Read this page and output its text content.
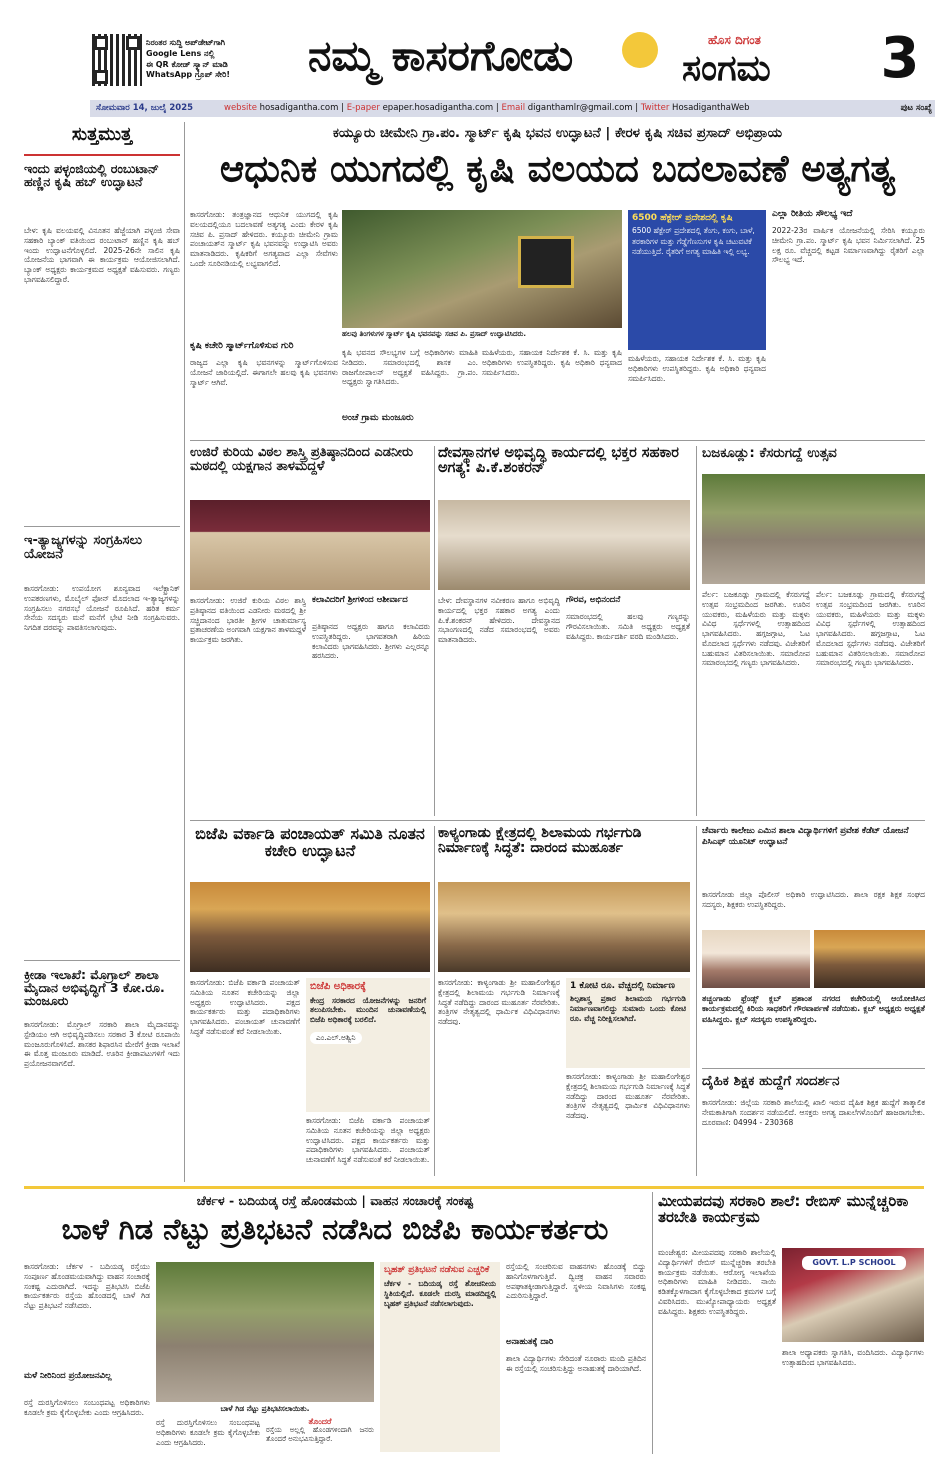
ನಿರಂತರ ಸುದ್ದಿ ಅಪ್‌ಡೇಟ್‌ಗಾಗಿ
Google Lens ನಲ್ಲಿ
ಈ QR ಕೋಡ್ ಸ್ಕ್ಯಾನ್ ಮಾಡಿ
WhatsApp ಗ್ರೂಪ್ ಸೇರಿ!	ನಮ್ಮ ಕಾಸರಗೋಡು	ಹೊಸ ದಿಗಂತ
ಸಂಗಮ	3
ಸೋಮವಾರ 14, ಜುಲೈ 2025	website hosadigantha.com | E-paper epaper.hosadigantha.com | Email diganthamlr@gmail.com | Twitter HosadiganthaWeb	ಪುಟ ಸಂಖ್ಯೆ
ಸುತ್ತಮುತ್ತ
ಇಂದು ಪಳ್ಳಂಜಿಯಲ್ಲಿ ರಂಬುಟಾನ್ ಹಣ್ಣಿನ ಕೃಷಿ ಹಬ್ ಉದ್ಘಾಟನೆ
ಬೇಳ: ಕೃಷಿ ವಲಯವಲ್ಲಿ ವಿನೂತನ ಹೆಜ್ಜೆಯಾಗಿ ಪಳ್ಳಂಜಿ ಸೇವಾ ಸಹಕಾರಿ ಬ್ಯಾಂಕ್ ವತಿಯಿಂದ ರಂಬುಟಾನ್ ಹಣ್ಣಿನ ಕೃಷಿ ಹಬ್ ಇಂದು ಉದ್ಘಾಟನೆಗೊಳ್ಳಲಿದೆ. 2025-26ನೇ ಸಾಲಿನ ಕೃಷಿ ಯೋಜನೆಯ ಭಾಗವಾಗಿ ಈ ಕಾರ್ಯಕ್ರಮ ಆಯೋಜಿಸಲಾಗಿದೆ. ಬ್ಯಾಂಕ್ ಅಧ್ಯಕ್ಷರು ಕಾರ್ಯಕ್ರಮದ ಅಧ್ಯಕ್ಷತೆ ವಹಿಸುವರು. ಗಣ್ಯರು ಭಾಗವಹಿಸಲಿದ್ದಾರೆ.
ಇ-ತ್ಯಾಜ್ಯಗಳನ್ನು ಸಂಗ್ರಹಿಸಲು ಯೋಜನೆ
ಕಾಸರಗೋಡು: ಉಪಯೋಗ ಶೂನ್ಯವಾದ ಇಲೆಕ್ಟ್ರಾನಿಕ್ ಉಪಕರಣಗಳು, ಮೊಬೈಲ್ ಫೋನ್ ಮೊದಲಾದ ಇ-ತ್ಯಾಜ್ಯಗಳನ್ನು ಸಂಗ್ರಹಿಸಲು ನಗರಸಭೆ ಯೋಜನೆ ರೂಪಿಸಿದೆ. ಹರಿತ ಕರ್ಮ ಸೇನೆಯ ಸದಸ್ಯರು ಮನೆ ಮನೆಗೆ ಭೇಟಿ ನೀಡಿ ಸಂಗ್ರಹಿಸುವರು. ನಿಗದಿತ ದರವನ್ನು ಪಾವತಿಸಲಾಗುವುದು.
ಕ್ರೀಡಾ ಇಲಾಖೆ: ಮೊಗ್ರಾಲ್ ಶಾಲಾ ಮೈದಾನ ಅಭಿವೃದ್ಧಿಗೆ 3 ಕೋ.ರೂ. ಮಂಜೂರು
ಕಾಸರಗೋಡು: ಮೊಗ್ರಾಲ್ ಸರಕಾರಿ ಶಾಲಾ ಮೈದಾನವನ್ನು ಸ್ಟೇಡಿಯಂ ಆಗಿ ಅಭಿವೃದ್ಧಿಪಡಿಸಲು ಸರಕಾರ 3 ಕೋಟಿ ರೂಪಾಯಿ ಮಂಜೂರುಗೊಳಿಸಿದೆ. ಶಾಸಕರ ಶಿಫಾರಸಿನ ಮೇರೆಗೆ ಕ್ರೀಡಾ ಇಲಾಖೆ ಈ ಮೊತ್ತ ಮಂಜೂರು ಮಾಡಿದೆ. ಊರಿನ ಕ್ರೀಡಾಪಟುಗಳಿಗೆ ಇದು ಪ್ರಯೋಜನವಾಗಲಿದೆ.
ಕಯ್ಯೂರು ಚೀಮೇನಿ ಗ್ರಾ.ಪಂ. ಸ್ಮಾರ್ಟ್ ಕೃಷಿ ಭವನ ಉದ್ಘಾಟನೆ | ಕೇರಳ ಕೃಷಿ ಸಚಿವ ಪ್ರಸಾದ್ ಅಭಿಪ್ರಾಯ
ಆಧುನಿಕ ಯುಗದಲ್ಲಿ ಕೃಷಿ ವಲಯದ ಬದಲಾವಣೆ ಅತ್ಯಗತ್ಯ
ಕಾಸರಗೋಡು: ತಂತ್ರಜ್ಞಾನದ ಆಧುನಿಕ ಯುಗದಲ್ಲಿ ಕೃಷಿ ವಲಯದಲ್ಲಿಯೂ ಬದಲಾವಣೆ ಅತ್ಯಗತ್ಯ ಎಂದು ಕೇರಳ ಕೃಷಿ ಸಚಿವ ಪಿ. ಪ್ರಸಾದ್ ಹೇಳಿದರು. ಕಯ್ಯೂರು ಚೀಮೇನಿ ಗ್ರಾಮ ಪಂಚಾಯತ್‌ನ ಸ್ಮಾರ್ಟ್ ಕೃಷಿ ಭವನವನ್ನು ಉದ್ಘಾಟಿಸಿ ಅವರು ಮಾತನಾಡಿದರು. ಕೃಷಿಕರಿಗೆ ಅಗತ್ಯವಾದ ಎಲ್ಲಾ ಸೇವೆಗಳು ಒಂದೇ ಸೂರಿನಡಿಯಲ್ಲಿ ಲಭ್ಯವಾಗಲಿದೆ.
ಕೃಷಿ ಕಚೇರಿ ಸ್ಮಾರ್ಟ್‌ಗೊಳಿಸುವ ಗುರಿ
ರಾಜ್ಯದ ಎಲ್ಲಾ ಕೃಷಿ ಭವನಗಳನ್ನು ಸ್ಮಾರ್ಟ್‌ಗೊಳಿಸುವ ಯೋಜನೆ ಜಾರಿಯಲ್ಲಿದೆ. ಈಗಾಗಲೇ ಹಲವು ಕೃಷಿ ಭವನಗಳು ಸ್ಮಾರ್ಟ್ ಆಗಿವೆ.
ಹಲವು ತಿಂಗಳುಗಳ ಸ್ಮಾರ್ಟ್ ಕೃಷಿ ಭವನವನ್ನು ಸಚಿವ ಪಿ. ಪ್ರಸಾದ್ ಉದ್ಘಾಟಿಸಿದರು.
ಕೃಷಿ ಭವನದ ಸೌಲಭ್ಯಗಳ ಬಗ್ಗೆ ಅಧಿಕಾರಿಗಳು ಮಾಹಿತಿ ನೀಡಿದರು. ಸಮಾರಂಭದಲ್ಲಿ ಶಾಸಕ ಎಂ. ರಾಜಗೋಪಾಲನ್ ಅಧ್ಯಕ್ಷತೆ ವಹಿಸಿದ್ದರು. ಗ್ರಾ.ಪಂ. ಅಧ್ಯಕ್ಷರು ಸ್ವಾಗತಿಸಿದರು.
ಅಂಚೆ ಗ್ರಾಮ ಮಂಜೂರು
ಮಹಿಳೆಯರು, ಸಹಾಯಕ ನಿರ್ದೇಶಕ ಕೆ. ಸಿ. ಮತ್ತು ಕೃಷಿ ಅಧಿಕಾರಿಗಳು ಉಪಸ್ಥಿತರಿದ್ದರು. ಕೃಷಿ ಅಧಿಕಾರಿ ಧನ್ಯವಾದ ಸಮರ್ಪಿಸಿದರು.
6500 ಹೆಕ್ಟೇರ್ ಪ್ರದೇಶದಲ್ಲಿ ಕೃಷಿ
6500 ಹೆಕ್ಟೇರ್ ಪ್ರದೇಶದಲ್ಲಿ ತೆಂಗು, ಕಂಗು, ಬಾಳೆ, ತರಕಾರಿಗಳ ಮತ್ತು ಗೆಡ್ಡೆಗೆಣಸುಗಳ ಕೃಷಿ ಚಟುವಟಿಕೆ ನಡೆಯುತ್ತಿದೆ. ರೈತರಿಗೆ ಅಗತ್ಯ ಮಾಹಿತಿ ಇಲ್ಲಿ ಲಭ್ಯ.
ಮಹಿಳೆಯರು, ಸಹಾಯಕ ನಿರ್ದೇಶಕ ಕೆ. ಸಿ. ಮತ್ತು ಕೃಷಿ ಅಧಿಕಾರಿಗಳು ಉಪಸ್ಥಿತರಿದ್ದರು. ಕೃಷಿ ಅಧಿಕಾರಿ ಧನ್ಯವಾದ ಸಮರ್ಪಿಸಿದರು.
ಎಲ್ಲಾ ರೀತಿಯ ಸೌಲಭ್ಯ ಇದೆ
2022-23ರ ವಾರ್ಷಿಕ ಯೋಜನೆಯಲ್ಲಿ ಸೇರಿಸಿ ಕಯ್ಯೂರು ಚೀಮೇನಿ ಗ್ರಾ.ಪಂ. ಸ್ಮಾರ್ಟ್ ಕೃಷಿ ಭವನ ನಿರ್ಮಿಸಲಾಗಿದೆ. 25 ಲಕ್ಷ ರೂ. ವೆಚ್ಚದಲ್ಲಿ ಕಟ್ಟಡ ನಿರ್ಮಾಣವಾಗಿದ್ದು ರೈತರಿಗೆ ಎಲ್ಲಾ ಸೌಲಭ್ಯ ಇದೆ.
ಉಜಿರೆ ಕುರಿಯ ವಿಠಲ ಶಾಸ್ತ್ರಿ ಪ್ರತಿಷ್ಠಾನದಿಂದ ಎಡನೀರು ಮಠದಲ್ಲಿ ಯಕ್ಷಗಾನ ತಾಳಮದ್ದಳೆ
ಕಾಸರಗೋಡು: ಉಜಿರೆ ಕುರಿಯ ವಿಠಲ ಶಾಸ್ತ್ರಿ ಪ್ರತಿಷ್ಠಾನದ ವತಿಯಿಂದ ಎಡನೀರು ಮಠದಲ್ಲಿ ಶ್ರೀ ಸಚ್ಚಿದಾನಂದ ಭಾರತೀ ಶ್ರೀಗಳ ಚಾತುರ್ಮಾಸ್ಯ ವ್ರತಾಚರಣೆಯ ಅಂಗವಾಗಿ ಯಕ್ಷಗಾನ ತಾಳಮದ್ದಳೆ ಕಾರ್ಯಕ್ರಮ ಜರಗಿತು.
ಕಲಾವಿದರಿಗೆ ಶ್ರೀಗಳಿಂದ ಆಶೀರ್ವಾದ
ಪ್ರತಿಷ್ಠಾನದ ಅಧ್ಯಕ್ಷರು ಹಾಗೂ ಕಲಾವಿದರು ಉಪಸ್ಥಿತರಿದ್ದರು. ಭಾಗವತರಾಗಿ ಹಿರಿಯ ಕಲಾವಿದರು ಭಾಗವಹಿಸಿದರು. ಶ್ರೀಗಳು ಎಲ್ಲರನ್ನೂ ಹರಸಿದರು.
ದೇವಸ್ಥಾನಗಳ ಅಭಿವೃದ್ಧಿ ಕಾರ್ಯದಲ್ಲಿ ಭಕ್ತರ ಸಹಕಾರ ಅಗತ್ಯ: ಪಿ.ಕೆ.ಶಂಕರನ್
ಬೇಳ: ದೇವಸ್ಥಾನಗಳ ನವೀಕರಣ ಹಾಗೂ ಅಭಿವೃದ್ಧಿ ಕಾರ್ಯದಲ್ಲಿ ಭಕ್ತರ ಸಹಕಾರ ಅಗತ್ಯ ಎಂದು ಪಿ.ಕೆ.ಶಂಕರನ್ ಹೇಳಿದರು. ದೇವಸ್ಥಾನದ ಸಭಾಂಗಣದಲ್ಲಿ ನಡೆದ ಸಮಾರಂಭದಲ್ಲಿ ಅವರು ಮಾತನಾಡಿದರು.
ಗೌರವ, ಅಭಿನಂದನೆ
ಸಮಾರಂಭದಲ್ಲಿ ಹಲವು ಗಣ್ಯರನ್ನು ಗೌರವಿಸಲಾಯಿತು. ಸಮಿತಿ ಅಧ್ಯಕ್ಷರು ಅಧ್ಯಕ್ಷತೆ ವಹಿಸಿದ್ದರು. ಕಾರ್ಯದರ್ಶಿ ವರದಿ ಮಂಡಿಸಿದರು.
ಬಜಕೂಡ್ಲು: ಕೆಸರುಗದ್ದೆ ಉತ್ಸವ
ಪೆರ್ಲ: ಬಜಕೂಡ್ಲು ಗ್ರಾಮದಲ್ಲಿ ಕೆಸರುಗದ್ದೆ ಉತ್ಸವ ಸಂಭ್ರಮದಿಂದ ಜರಗಿತು. ಊರಿನ ಯುವಕರು, ಮಹಿಳೆಯರು ಮತ್ತು ಮಕ್ಕಳು ವಿವಿಧ ಸ್ಪರ್ಧೆಗಳಲ್ಲಿ ಉತ್ಸಾಹದಿಂದ ಭಾಗವಹಿಸಿದರು. ಹಗ್ಗಜಗ್ಗಾಟ, ಓಟ ಮೊದಲಾದ ಸ್ಪರ್ಧೆಗಳು ನಡೆದವು. ವಿಜೇತರಿಗೆ ಬಹುಮಾನ ವಿತರಿಸಲಾಯಿತು. ಸಮಾರೋಪ ಸಮಾರಂಭದಲ್ಲಿ ಗಣ್ಯರು ಭಾಗವಹಿಸಿದರು.
ಪೆರ್ಲ: ಬಜಕೂಡ್ಲು ಗ್ರಾಮದಲ್ಲಿ ಕೆಸರುಗದ್ದೆ ಉತ್ಸವ ಸಂಭ್ರಮದಿಂದ ಜರಗಿತು. ಊರಿನ ಯುವಕರು, ಮಹಿಳೆಯರು ಮತ್ತು ಮಕ್ಕಳು ವಿವಿಧ ಸ್ಪರ್ಧೆಗಳಲ್ಲಿ ಉತ್ಸಾಹದಿಂದ ಭಾಗವಹಿಸಿದರು. ಹಗ್ಗಜಗ್ಗಾಟ, ಓಟ ಮೊದಲಾದ ಸ್ಪರ್ಧೆಗಳು ನಡೆದವು. ವಿಜೇತರಿಗೆ ಬಹುಮಾನ ವಿತರಿಸಲಾಯಿತು. ಸಮಾರೋಪ ಸಮಾರಂಭದಲ್ಲಿ ಗಣ್ಯರು ಭಾಗವಹಿಸಿದರು.
ಬಿಜೆಪಿ ವರ್ಕಾಡಿ ಪಂಚಾಯತ್ ಸಮಿತಿ ನೂತನ ಕಚೇರಿ ಉದ್ಘಾಟನೆ
ಕಾಸರಗೋಡು: ಬಿಜೆಪಿ ವರ್ಕಾಡಿ ಪಂಚಾಯತ್ ಸಮಿತಿಯ ನೂತನ ಕಚೇರಿಯನ್ನು ಜಿಲ್ಲಾ ಅಧ್ಯಕ್ಷರು ಉದ್ಘಾಟಿಸಿದರು. ಪಕ್ಷದ ಕಾರ್ಯಕರ್ತರು ಮತ್ತು ಪದಾಧಿಕಾರಿಗಳು ಭಾಗವಹಿಸಿದರು. ಪಂಚಾಯತ್ ಚುನಾವಣೆಗೆ ಸಿದ್ಧತೆ ನಡೆಸುವಂತೆ ಕರೆ ನೀಡಲಾಯಿತು.
ಬಿಜೆಪಿ ಅಧಿಕಾರಕ್ಕೆ
ಕೇಂದ್ರ ಸರಕಾರದ ಯೋಜನೆಗಳನ್ನು ಜನರಿಗೆ ತಲುಪಿಸಬೇಕು. ಮುಂದಿನ ಚುನಾವಣೆಯಲ್ಲಿ ಬಿಜೆಪಿ ಅಧಿಕಾರಕ್ಕೆ ಬರಲಿದೆ.
ಎಂ.ಎಲ್.ಅಶ್ವಿನಿ
ಕಾಸರಗೋಡು: ಬಿಜೆಪಿ ವರ್ಕಾಡಿ ಪಂಚಾಯತ್ ಸಮಿತಿಯ ನೂತನ ಕಚೇರಿಯನ್ನು ಜಿಲ್ಲಾ ಅಧ್ಯಕ್ಷರು ಉದ್ಘಾಟಿಸಿದರು. ಪಕ್ಷದ ಕಾರ್ಯಕರ್ತರು ಮತ್ತು ಪದಾಧಿಕಾರಿಗಳು ಭಾಗವಹಿಸಿದರು. ಪಂಚಾಯತ್ ಚುನಾವಣೆಗೆ ಸಿದ್ಧತೆ ನಡೆಸುವಂತೆ ಕರೆ ನೀಡಲಾಯಿತು.
ಕಾಳ್ಯಂಗಾಡು ಕ್ಷೇತ್ರದಲ್ಲಿ ಶಿಲಾಮಯ ಗರ್ಭಗುಡಿ ನಿರ್ಮಾಣಕ್ಕೆ ಸಿದ್ಧತೆ: ದಾರಂದ ಮುಹೂರ್ತ
ಕಾಸರಗೋಡು: ಕಾಳ್ಯಂಗಾಡು ಶ್ರೀ ಮಹಾಲಿಂಗೇಶ್ವರ ಕ್ಷೇತ್ರದಲ್ಲಿ ಶಿಲಾಮಯ ಗರ್ಭಗುಡಿ ನಿರ್ಮಾಣಕ್ಕೆ ಸಿದ್ಧತೆ ನಡೆದಿದ್ದು ದಾರಂದ ಮುಹೂರ್ತ ನೆರವೇರಿತು. ತಂತ್ರಿಗಳ ನೇತೃತ್ವದಲ್ಲಿ ಧಾರ್ಮಿಕ ವಿಧಿವಿಧಾನಗಳು ನಡೆದವು.
1 ಕೋಟಿ ರೂ. ವೆಚ್ಚದಲ್ಲಿ ನಿರ್ಮಾಣ
ಶಿಲ್ಪಶಾಸ್ತ್ರ ಪ್ರಕಾರ ಶಿಲಾಮಯ ಗರ್ಭಗುಡಿ ನಿರ್ಮಾಣವಾಗಲಿದ್ದು ಸುಮಾರು ಒಂದು ಕೋಟಿ ರೂ. ವೆಚ್ಚ ನಿರೀಕ್ಷಿಸಲಾಗಿದೆ.
ಕಾಸರಗೋಡು: ಕಾಳ್ಯಂಗಾಡು ಶ್ರೀ ಮಹಾಲಿಂಗೇಶ್ವರ ಕ್ಷೇತ್ರದಲ್ಲಿ ಶಿಲಾಮಯ ಗರ್ಭಗುಡಿ ನಿರ್ಮಾಣಕ್ಕೆ ಸಿದ್ಧತೆ ನಡೆದಿದ್ದು ದಾರಂದ ಮುಹೂರ್ತ ನೆರವೇರಿತು. ತಂತ್ರಿಗಳ ನೇತೃತ್ವದಲ್ಲಿ ಧಾರ್ಮಿಕ ವಿಧಿವಿಧಾನಗಳು ನಡೆದವು.
ಚೆರ್ವಾರು ಕಾಲೇಜು ಎಮಿನ ಶಾಲಾ ವಿದ್ಯಾರ್ಥಿಗಳಿಗೆ ಪ್ರವೇಶ ಕೆಡೆಟ್ ಯೋಜನೆ ಪಿಸಿಎಫ್ ಯೂನಿಟ್ ಉದ್ಘಾಟನೆ
ಕಾಸರಗೋಡು ಜಿಲ್ಲಾ ಪೊಲೀಸ್ ಅಧಿಕಾರಿ ಉದ್ಘಾಟಿಸಿದರು. ಶಾಲಾ ರಕ್ಷಕ ಶಿಕ್ಷಕ ಸಂಘದ ಸದಸ್ಯರು, ಶಿಕ್ಷಕರು ಉಪಸ್ಥಿತರಿದ್ದರು.
ತಚ್ಚಂಗಾಡು ಫ್ರೆಂಡ್ಸ್ ಕ್ಲಬ್ ಪ್ರಶಾಂತ ನಗರದ ಕಚೇರಿಯಲ್ಲಿ ಆಯೋಜಿಸಿದ ಕಾರ್ಯಕ್ರಮದಲ್ಲಿ ಕಿರಿಯ ಸಾಧಕರಿಗೆ ಗೌರವಾರ್ಪಣೆ ನಡೆಯಿತು. ಕ್ಲಬ್ ಅಧ್ಯಕ್ಷರು ಅಧ್ಯಕ್ಷತೆ ವಹಿಸಿದ್ದರು. ಕ್ಲಬ್ ಸದಸ್ಯರು ಉಪಸ್ಥಿತರಿದ್ದರು.
ದೈಹಿಕ ಶಿಕ್ಷಕ ಹುದ್ದೆಗೆ ಸಂದರ್ಶನ
ಕಾಸರಗೋಡು: ಜಿಲ್ಲೆಯ ಸರಕಾರಿ ಶಾಲೆಯಲ್ಲಿ ಖಾಲಿ ಇರುವ ದೈಹಿಕ ಶಿಕ್ಷಕ ಹುದ್ದೆಗೆ ತಾತ್ಕಾಲಿಕ ನೇಮಕಾತಿಗಾಗಿ ಸಂದರ್ಶನ ನಡೆಯಲಿದೆ. ಆಸಕ್ತರು ಅಗತ್ಯ ದಾಖಲೆಗಳೊಂದಿಗೆ ಹಾಜರಾಗಬೇಕು. ದೂರವಾಣಿ: 04994 - 230368
ಚೆರ್ಕಳ - ಬದಿಯಡ್ಕ ರಸ್ತೆ ಹೊಂಡಮಯ | ವಾಹನ ಸಂಚಾರಕ್ಕೆ ಸಂಕಷ್ಟ
ಬಾಳೆ ಗಿಡ ನೆಟ್ಟು ಪ್ರತಿಭಟನೆ ನಡೆಸಿದ ಬಿಜೆಪಿ ಕಾರ್ಯಕರ್ತರು
ಕಾಸರಗೋಡು: ಚೆರ್ಕಳ - ಬದಿಯಡ್ಕ ರಸ್ತೆಯು ಸಂಪೂರ್ಣ ಹೊಂಡಮಯವಾಗಿದ್ದು ವಾಹನ ಸಂಚಾರಕ್ಕೆ ಸಂಕಷ್ಟ ಎದುರಾಗಿದೆ. ಇದನ್ನು ಪ್ರತಿಭಟಿಸಿ ಬಿಜೆಪಿ ಕಾರ್ಯಕರ್ತರು ರಸ್ತೆಯ ಹೊಂಡದಲ್ಲಿ ಬಾಳೆ ಗಿಡ ನೆಟ್ಟು ಪ್ರತಿಭಟನೆ ನಡೆಸಿದರು.
ಮಳೆ ನೀರಿನಿಂದ ಪ್ರಯೋಜನವಿಲ್ಲ
ರಸ್ತೆ ದುರಸ್ತಿಗೊಳಿಸಲು ಸಂಬಂಧಪಟ್ಟ ಅಧಿಕಾರಿಗಳು ಕೂಡಲೇ ಕ್ರಮ ಕೈಗೊಳ್ಳಬೇಕು ಎಂದು ಆಗ್ರಹಿಸಿದರು.	ಬಾಳೆ ಗಿಡ ನೆಟ್ಟು ಪ್ರತಿಭಟಿಸಲಾಯಿತು.
ರಸ್ತೆ ದುರಸ್ತಿಗೊಳಿಸಲು ಸಂಬಂಧಪಟ್ಟ ಅಧಿಕಾರಿಗಳು ಕೂಡಲೇ ಕ್ರಮ ಕೈಗೊಳ್ಳಬೇಕು ಎಂದು ಆಗ್ರಹಿಸಿದರು.
ತೊಂದರೆ
ರಸ್ತೆಯ ಅಲ್ಲಲ್ಲಿ ಹೊಂಡಗಳಿಂದಾಗಿ ಜನರು ತೊಂದರೆ ಅನುಭವಿಸುತ್ತಿದ್ದಾರೆ.
ಬೃಹತ್ ಪ್ರತಿಭಟನೆ ನಡೆಸುವ ಎಚ್ಚರಿಕೆ
ಚೆರ್ಕಳ - ಬದಿಯಡ್ಕ ರಸ್ತೆ ಶೋಚನೀಯ ಸ್ಥಿತಿಯಲ್ಲಿದೆ. ಕೂಡಲೇ ದುರಸ್ತಿ ಮಾಡದಿದ್ದಲ್ಲಿ ಬೃಹತ್ ಪ್ರತಿಭಟನೆ ನಡೆಸಲಾಗುವುದು.
ರಸ್ತೆಯಲ್ಲಿ ಸಂಚರಿಸುವ ವಾಹನಗಳು ಹೊಂಡಕ್ಕೆ ಬಿದ್ದು ಹಾನಿಗೊಳಗಾಗುತ್ತಿವೆ. ದ್ವಿಚಕ್ರ ವಾಹನ ಸವಾರರು ಅಪಘಾತಕ್ಕೀಡಾಗುತ್ತಿದ್ದಾರೆ. ಸ್ಥಳೀಯ ನಿವಾಸಿಗಳು ಸಂಕಷ್ಟ ಎದುರಿಸುತ್ತಿದ್ದಾರೆ.
ಅನಾಹುತಕ್ಕೆ ದಾರಿ
ಶಾಲಾ ವಿದ್ಯಾರ್ಥಿಗಳು ಸೇರಿದಂತೆ ನೂರಾರು ಮಂದಿ ಪ್ರತಿದಿನ ಈ ರಸ್ತೆಯಲ್ಲಿ ಸಂಚರಿಸುತ್ತಿದ್ದು ಅನಾಹುತಕ್ಕೆ ದಾರಿಯಾಗಿದೆ.
ಮೀಯಪದವು ಸರಕಾರಿ ಶಾಲೆ: ರೇಬಿಸ್ ಮುನ್ನೆಚ್ಚರಿಕಾ ತರಬೇತಿ ಕಾರ್ಯಕ್ರಮ
ಮಂಜೇಶ್ವರ: ಮೀಯಪದವು ಸರಕಾರಿ ಶಾಲೆಯಲ್ಲಿ ವಿದ್ಯಾರ್ಥಿಗಳಿಗೆ ರೇಬಿಸ್ ಮುನ್ನೆಚ್ಚರಿಕಾ ತರಬೇತಿ ಕಾರ್ಯಕ್ರಮ ನಡೆಯಿತು. ಆರೋಗ್ಯ ಇಲಾಖೆಯ ಅಧಿಕಾರಿಗಳು ಮಾಹಿತಿ ನೀಡಿದರು. ನಾಯಿ ಕಡಿತಕ್ಕೊಳಗಾದಾಗ ಕೈಗೊಳ್ಳಬೇಕಾದ ಕ್ರಮಗಳ ಬಗ್ಗೆ ವಿವರಿಸಿದರು. ಮುಖ್ಯೋಪಾಧ್ಯಾಯರು ಅಧ್ಯಕ್ಷತೆ ವಹಿಸಿದ್ದರು. ಶಿಕ್ಷಕರು ಉಪಸ್ಥಿತರಿದ್ದರು.
GOVT. L.P SCHOOL
ಶಾಲಾ ಅಧ್ಯಾಪಕರು ಸ್ವಾಗತಿಸಿ, ವಂದಿಸಿದರು. ವಿದ್ಯಾರ್ಥಿಗಳು ಉತ್ಸಾಹದಿಂದ ಭಾಗವಹಿಸಿದರು.
